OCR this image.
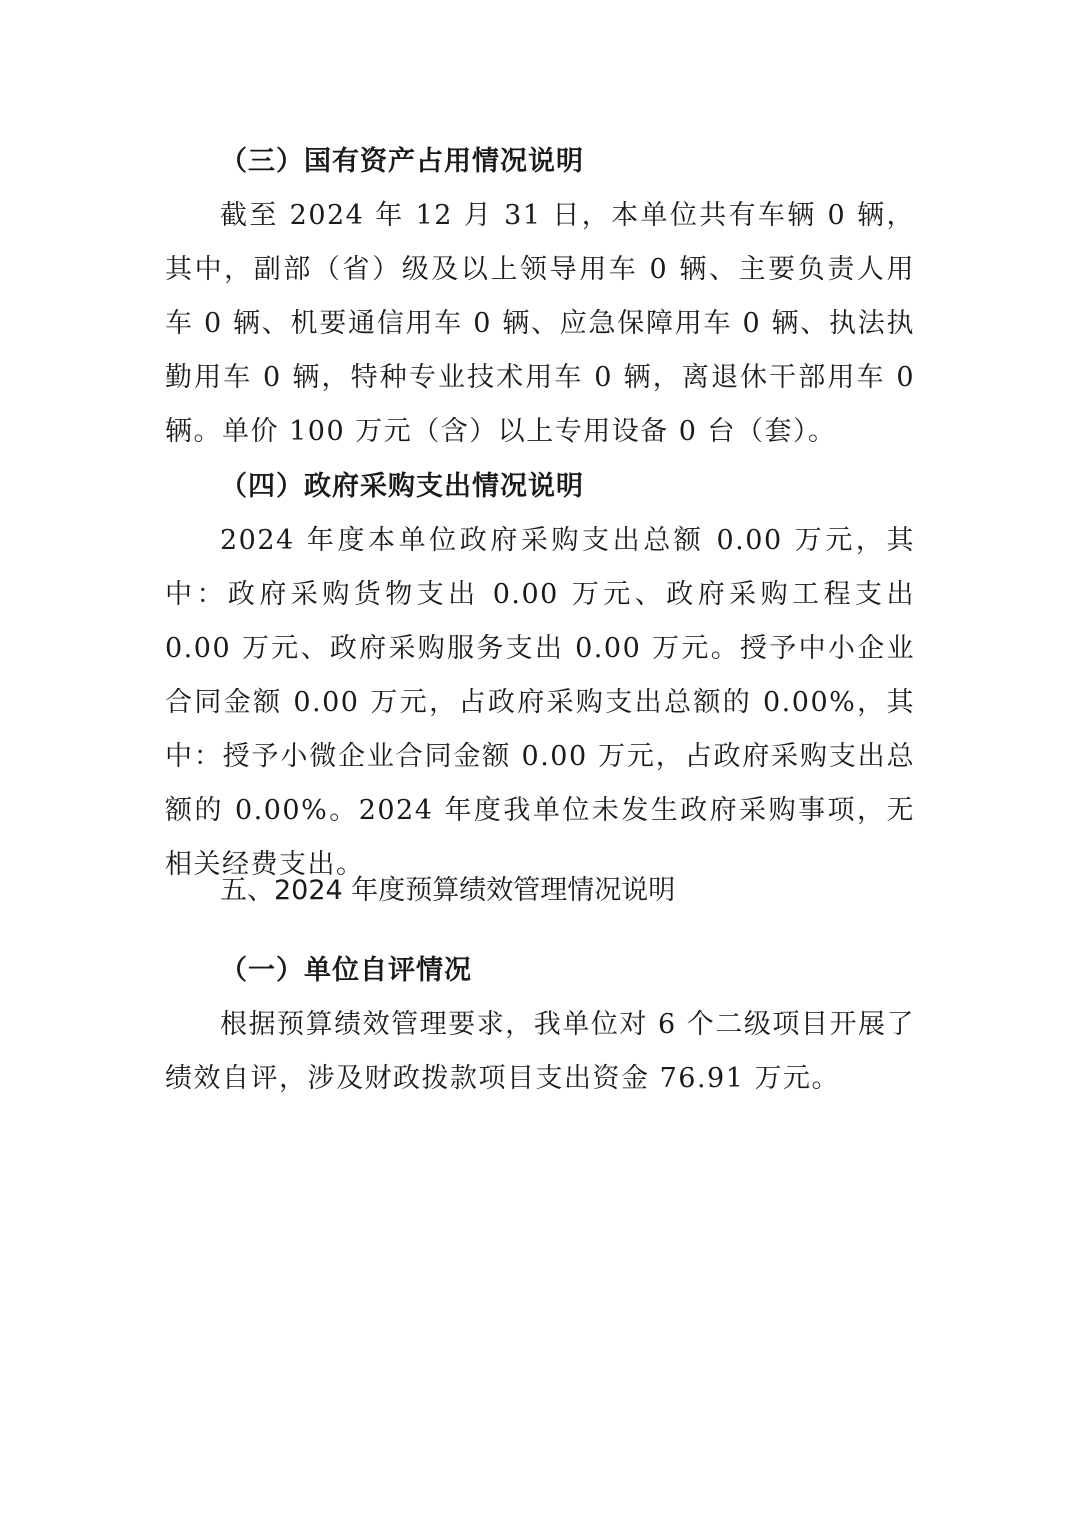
（三）国有资产占用情况说明

截至 2024 年 12 月 31 日，本单位共有车辆 0 辆，其中，副部（省）级及以上领导用车 0 辆、主要负责人用车 0 辆、机要通信用车 0 辆、应急保障用车 0 辆、执法执勤用车 0 辆，特种专业技术用车 0 辆，离退休干部用车 0 辆。单价 100 万元（含）以上专用设备 0 台（套）。

（四）政府采购支出情况说明

2024 年度本单位政府采购支出总额 0.00 万元，其中：政府采购货物支出 0.00 万元、政府采购工程支出 0.00 万元、政府采购服务支出 0.00 万元。授予中小企业合同金额 0.00 万元，占政府采购支出总额的 0.00%，其中：授予小微企业合同金额 0.00 万元，占政府采购支出总额的 0.00%。2024 年度我单位未发生政府采购事项，无相关经费支出。

五、2024 年度预算绩效管理情况说明
（一）单位自评情况

根据预算绩效管理要求，我单位对 6 个二级项目开展了绩效自评，涉及财政拨款项目支出资金 76.91 万元。
